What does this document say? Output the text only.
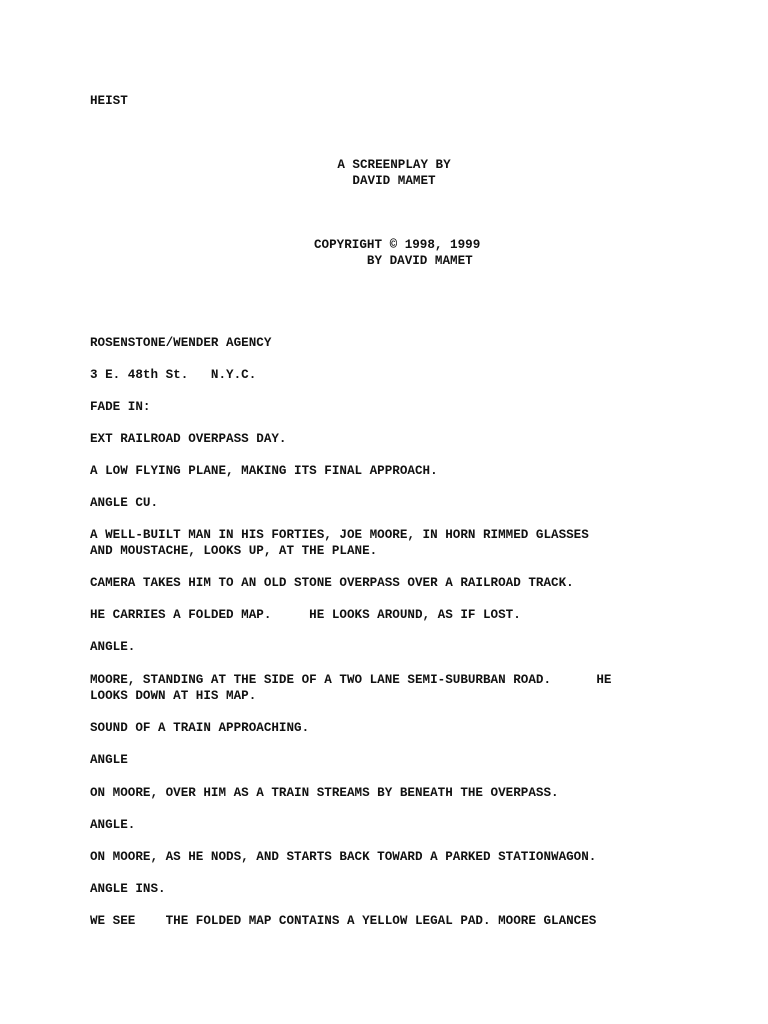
HEIST

A SCREENPLAY BY

DAVID MAMET

COPYRIGHT © 1998, 1999

BY DAVID MAMET

ROSENSTONE/WENDER AGENCY

3 E. 48th St.   N.Y.C.

FADE IN:

EXT RAILROAD OVERPASS DAY.

A LOW FLYING PLANE, MAKING ITS FINAL APPROACH.

ANGLE CU.

A WELL-BUILT MAN IN HIS FORTIES, JOE MOORE, IN HORN RIMMED GLASSES

AND MOUSTACHE, LOOKS UP, AT THE PLANE.

CAMERA TAKES HIM TO AN OLD STONE OVERPASS OVER A RAILROAD TRACK.

HE CARRIES A FOLDED MAP.     HE LOOKS AROUND, AS IF LOST.

ANGLE.

MOORE, STANDING AT THE SIDE OF A TWO LANE SEMI-SUBURBAN ROAD.      HE

LOOKS DOWN AT HIS MAP.

SOUND OF A TRAIN APPROACHING.

ANGLE

ON MOORE, OVER HIM AS A TRAIN STREAMS BY BENEATH THE OVERPASS.

ANGLE.

ON MOORE, AS HE NODS, AND STARTS BACK TOWARD A PARKED STATIONWAGON.

ANGLE INS.

WE SEE    THE FOLDED MAP CONTAINS A YELLOW LEGAL PAD. MOORE GLANCES
